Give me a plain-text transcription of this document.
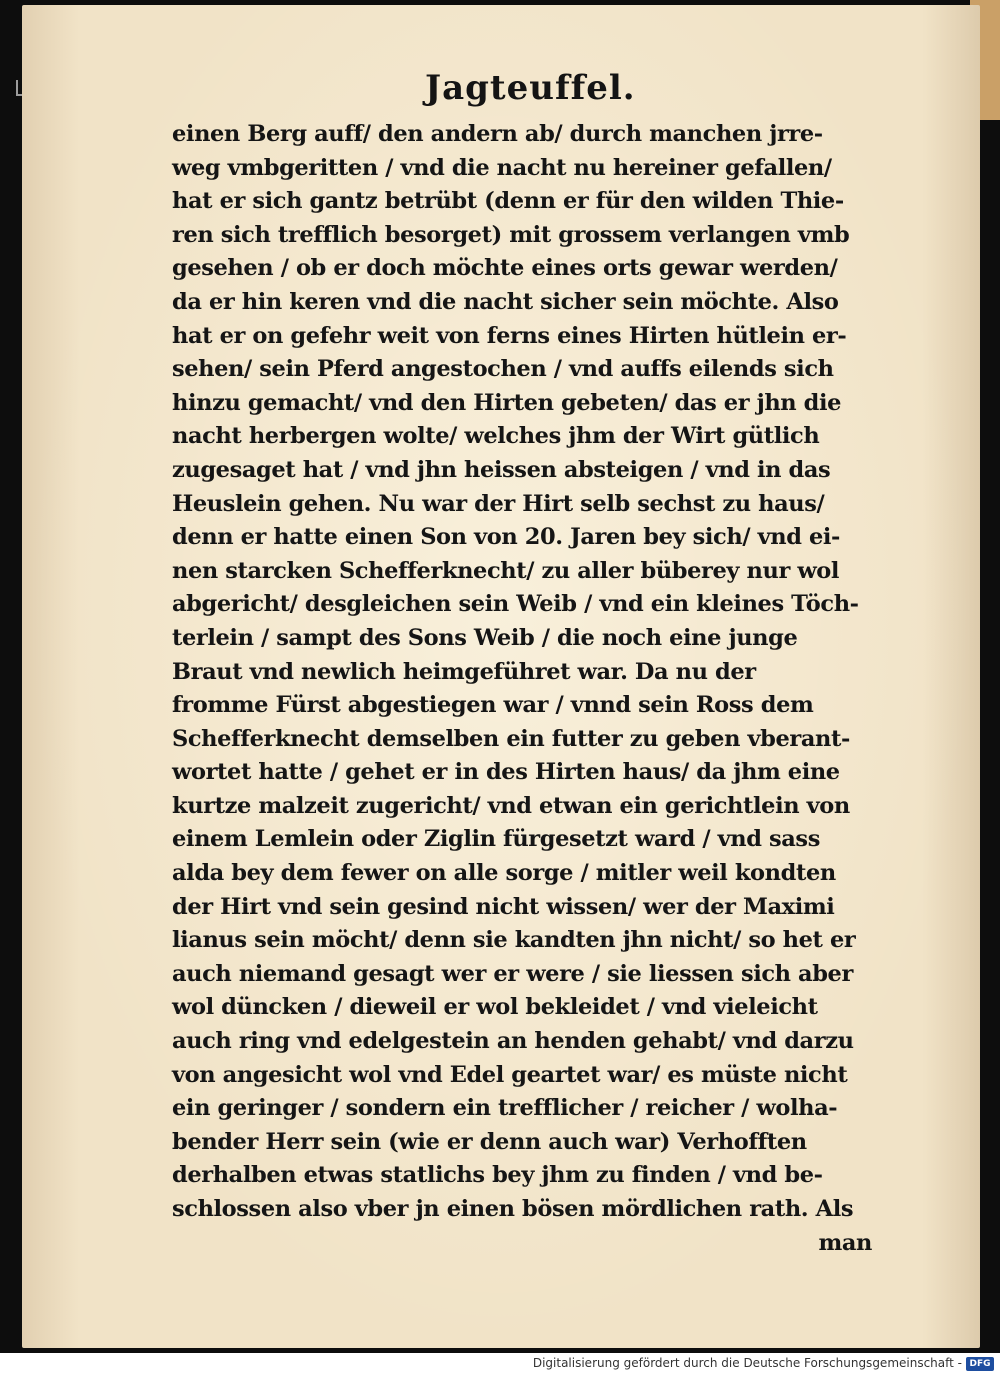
Jagteuffel.
einen Berg auff/ den andern ab/ durch manchen jrre-
weg vmbgeritten / vnd die nacht nu hereiner gefallen/
hat er sich gantz betrübt (denn er für den wilden Thie-
ren sich trefflich besorget) mit grossem verlangen vmb
gesehen / ob er doch möchte eines orts gewar werden/
da er hin keren vnd die nacht sicher sein möchte. Also
hat er on gefehr weit von ferns eines Hirten hütlein er-
sehen/ sein Pferd angestochen / vnd auffs eilends sich
hinzu gemacht/ vnd den Hirten gebeten/ das er jhn die
nacht herbergen wolte/ welches jhm der Wirt gütlich
zugesaget hat / vnd jhn heissen absteigen / vnd in das
Heuslein gehen. Nu war der Hirt selb sechst zu haus/
denn er hatte einen Son von 20. Jaren bey sich/ vnd ei-
nen starcken Schefferknecht/ zu aller büberey nur wol
abgericht/ desgleichen sein Weib / vnd ein kleines Töch-
terlein / sampt des Sons Weib / die noch eine junge
Braut vnd newlich heimgeführet war. Da nu der
fromme Fürst abgestiegen war / vnnd sein Ross dem
Schefferknecht demselben ein futter zu geben vberant-
wortet hatte / gehet er in des Hirten haus/ da jhm eine
kurtze malzeit zugericht/ vnd etwan ein gerichtlein von
einem Lemlein oder Ziglin fürgesetzt ward / vnd sass
alda bey dem fewer on alle sorge / mitler weil kondten
der Hirt vnd sein gesind nicht wissen/ wer der Maximi
lianus sein möcht/ denn sie kandten jhn nicht/ so het er
auch niemand gesagt wer er were / sie liessen sich aber
wol düncken / dieweil er wol bekleidet / vnd vieleicht
auch ring vnd edelgestein an henden gehabt/ vnd darzu
von angesicht wol vnd Edel geartet war/ es müste nicht
ein geringer / sondern ein trefflicher / reicher / wolha-
bender Herr sein (wie er denn auch war) Verhofften
derhalben etwas statlichs bey jhm zu finden / vnd be-
schlossen also vber jn einen bösen mördlichen rath. Als
man
Digitalisierung gefördert durch die Deutsche Forschungsgemeinschaft - DFG
